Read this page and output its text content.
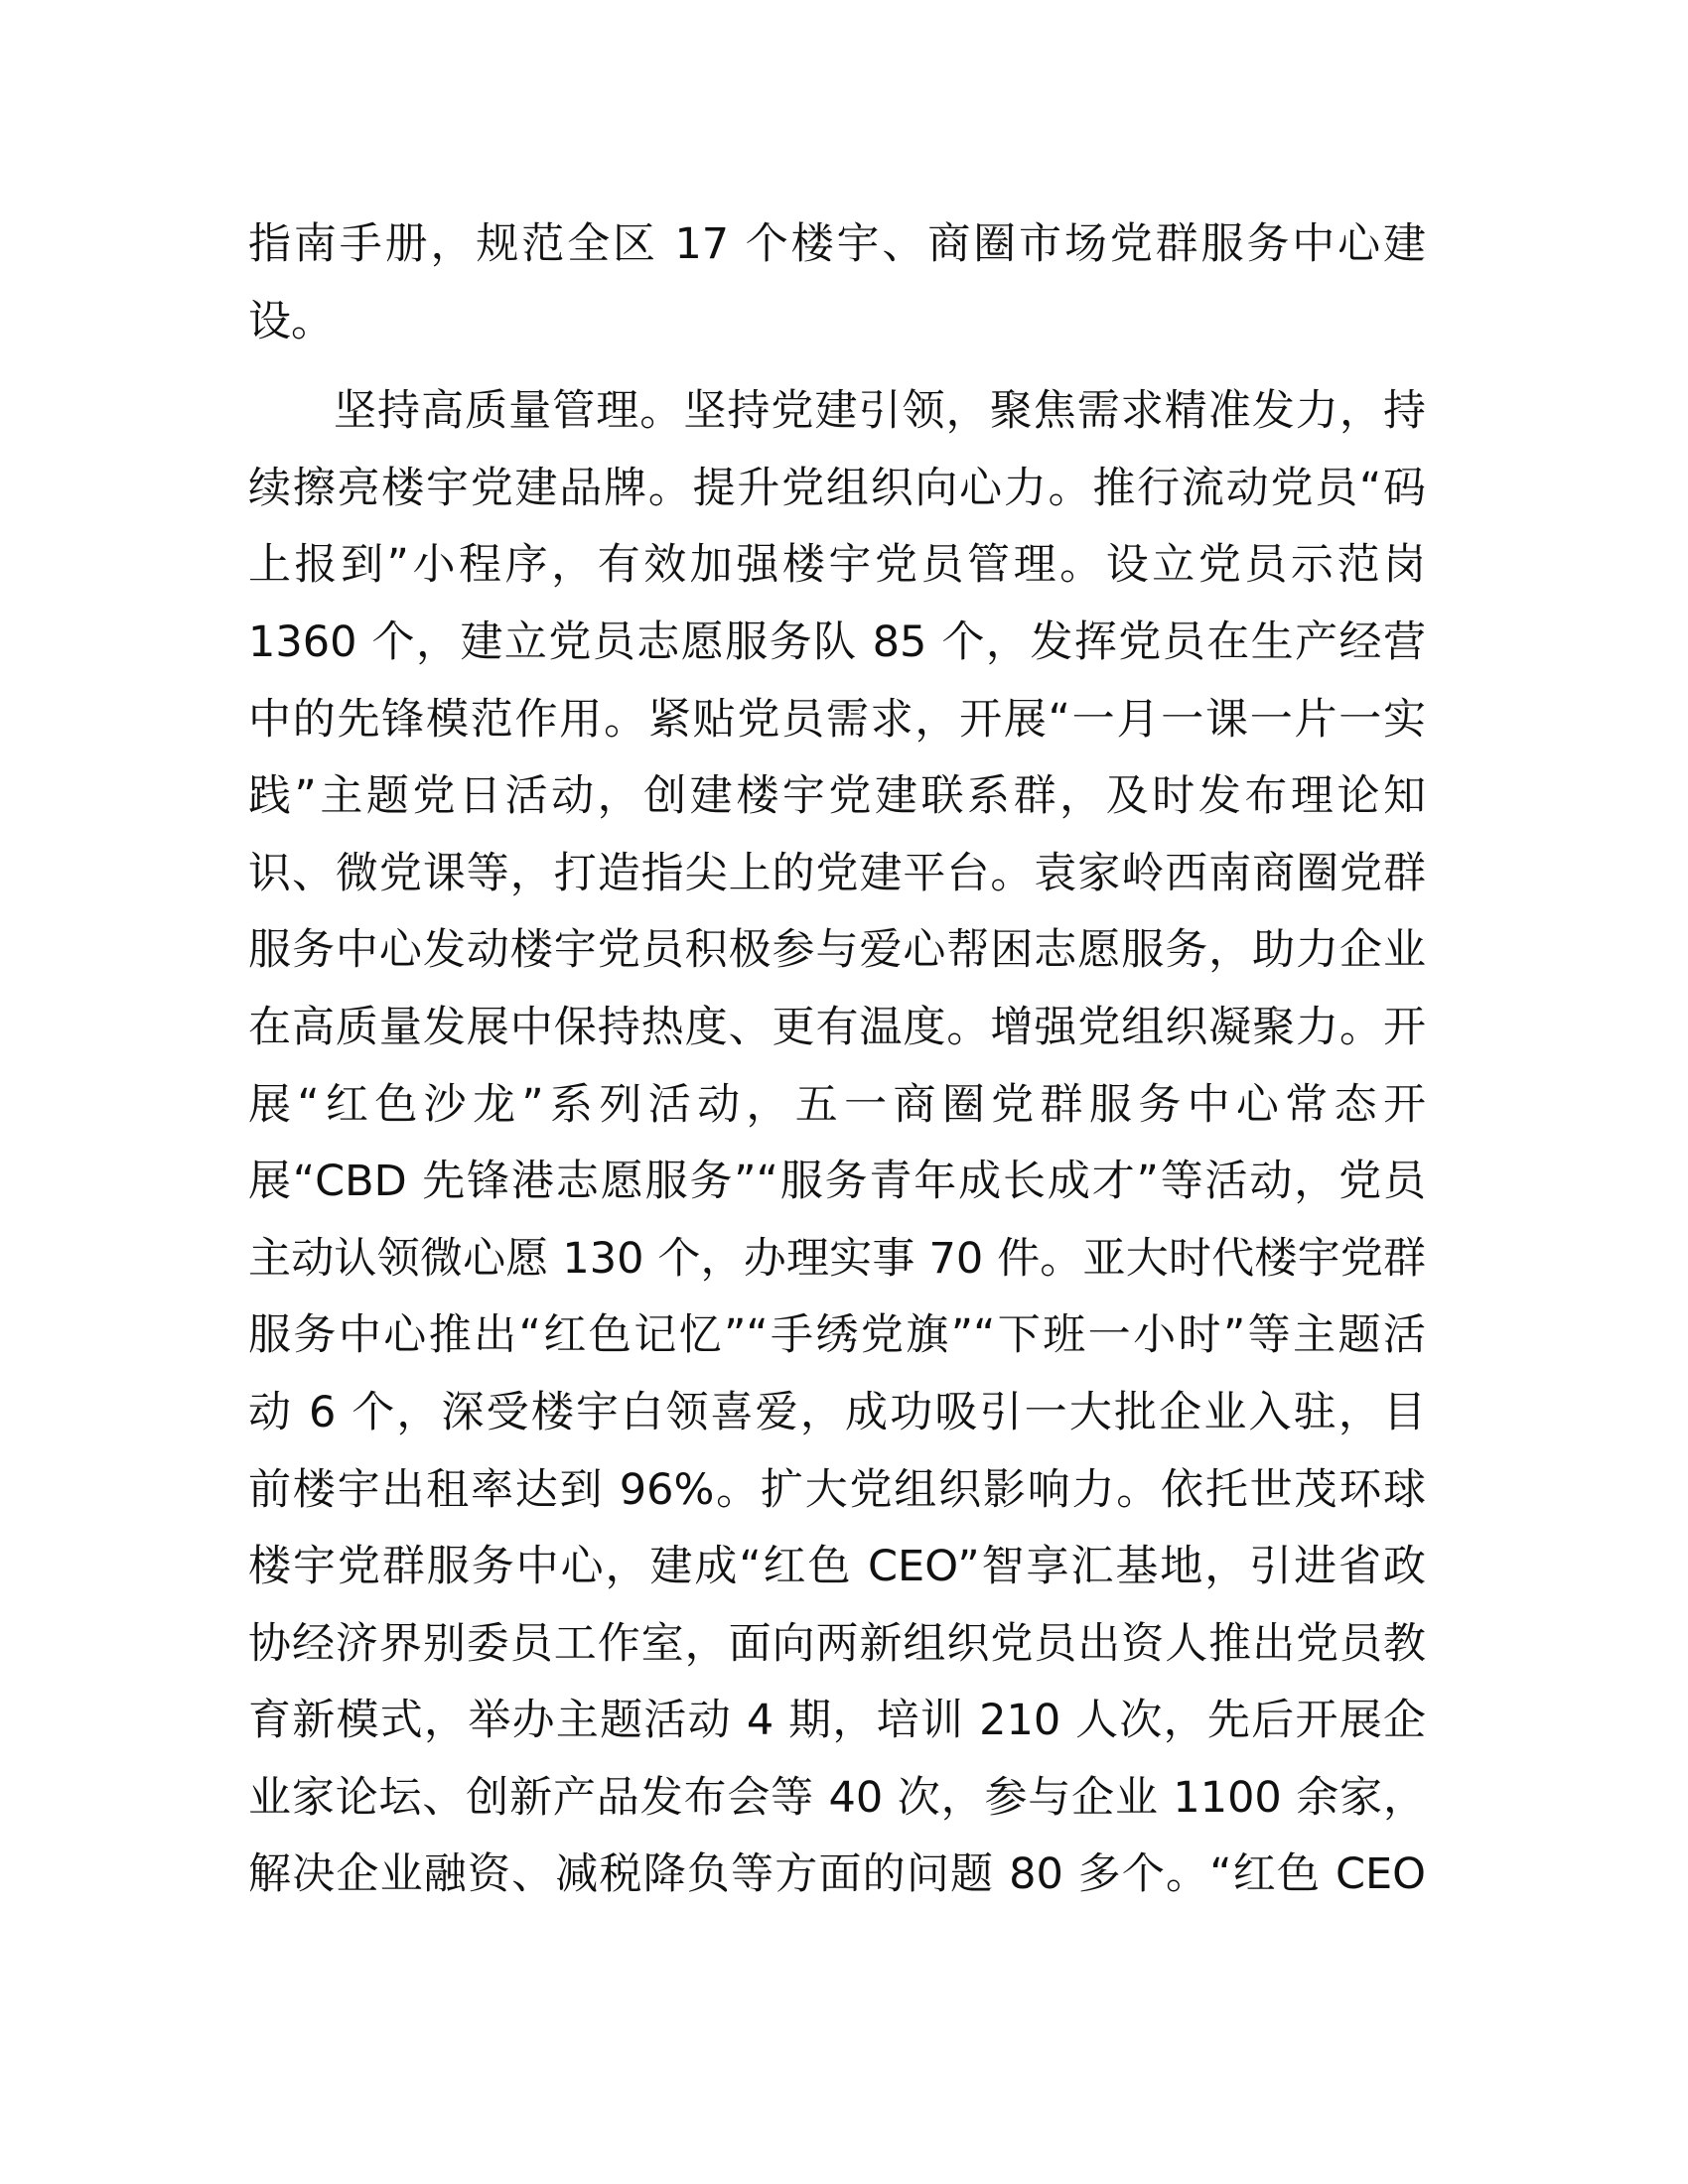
指南手册，规范全区 17 个楼宇、商圈市场党群服务中心建
设。
坚持高质量管理。坚持党建引领，聚焦需求精准发力，持
续擦亮楼宇党建品牌。提升党组织向心力。推行流动党员“码
上报到”小程序，有效加强楼宇党员管理。设立党员示范岗
1360 个，建立党员志愿服务队 85 个，发挥党员在生产经营
中的先锋模范作用。紧贴党员需求，开展“一月一课一片一实
践”主题党日活动，创建楼宇党建联系群，及时发布理论知
识、微党课等，打造指尖上的党建平台。袁家岭西南商圈党群
服务中心发动楼宇党员积极参与爱心帮困志愿服务，助力企业
在高质量发展中保持热度、更有温度。增强党组织凝聚力。开
展“红色沙龙”系列活动，五一商圈党群服务中心常态开
展“CBD 先锋港志愿服务”“服务青年成长成才”等活动，党员
主动认领微心愿 130 个，办理实事 70 件。亚大时代楼宇党群
服务中心推出“红色记忆”“手绣党旗”“下班一小时”等主题活
动 6 个，深受楼宇白领喜爱，成功吸引一大批企业入驻，目
前楼宇出租率达到 96%。扩大党组织影响力。依托世茂环球
楼宇党群服务中心，建成“红色 CEO”智享汇基地，引进省政
协经济界别委员工作室，面向两新组织党员出资人推出党员教
育新模式，举办主题活动 4 期，培训 210 人次，先后开展企
业家论坛、创新产品发布会等 40 次，参与企业 1100 余家，
解决企业融资、减税降负等方面的问题 80 多个。“红色 CEO
